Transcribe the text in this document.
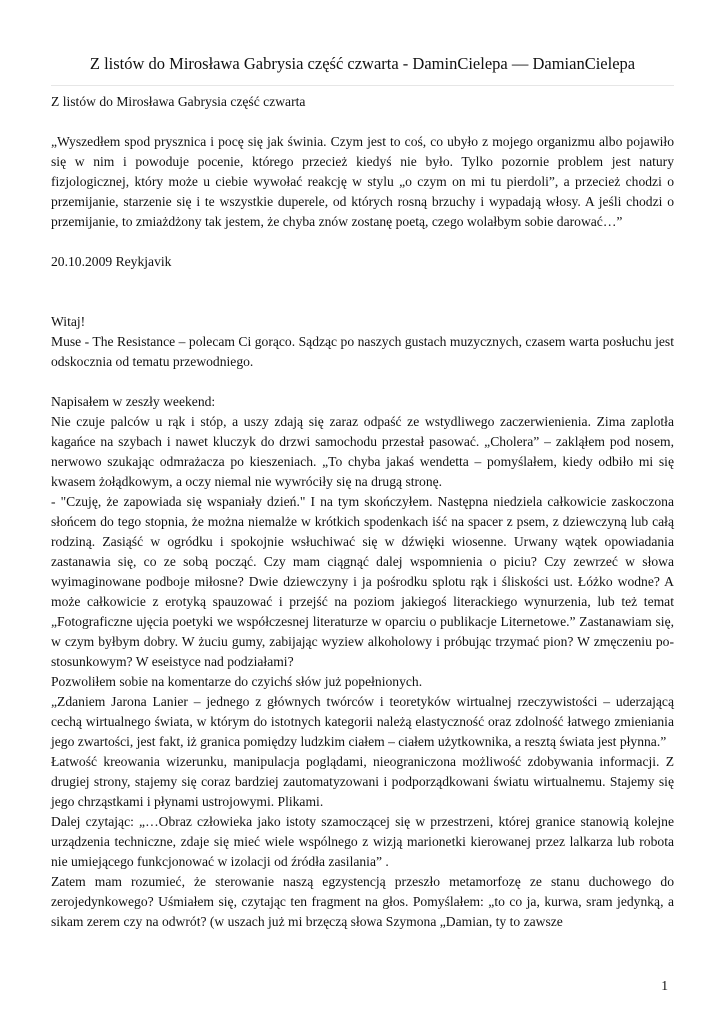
Z listów do Mirosława Gabrysia część czwarta - DaminCielepa — DamianCielepa

Z listów do Mirosława Gabrysia część czwarta

„Wyszedłem spod prysznica i pocę się jak świnia. Czym jest to coś, co ubyło z mojego organizmu albo pojawiło się w nim i powoduje pocenie, którego przecież kiedyś nie było. Tylko pozornie problem jest natury fizjologicznej, który może u ciebie wywołać reakcję w stylu „o czym on mi tu pierdoli”, a przecież chodzi o przemijanie, starzenie się i te wszystkie duperele, od których rosną brzuchy i wypadają włosy. A jeśli chodzi o przemijanie, to zmiażdżony tak jestem, że chyba znów zostanę poetą, czego wolałbym sobie darować…”

20.10.2009 Reykjavik

Witaj!

Muse - The Resistance – polecam Ci gorąco. Sądząc po naszych gustach muzycznych, czasem warta posłuchu jest odskocznia od tematu przewodniego.

Napisałem w zeszły weekend:

Nie czuje palców u rąk i stóp, a uszy zdają się zaraz odpaść ze wstydliwego zaczerwienienia. Zima zaplotła kagańce na szybach i nawet kluczyk do drzwi samochodu przestał pasować. „Cholera” – zakląłem pod nosem, nerwowo szukając odmrażacza po kieszeniach. „To chyba jakaś wendetta – pomyślałem, kiedy odbiło mi się kwasem żołądkowym, a oczy niemal nie wywróciły się na drugą stronę.

- "Czuję, że zapowiada się wspaniały dzień." I na tym skończyłem. Następna niedziela całkowicie zaskoczona słońcem do tego stopnia, że można niemalże w krótkich spodenkach iść na spacer z psem, z dziewczyną lub całą rodziną. Zasiąść w ogródku i spokojnie wsłuchiwać się w dźwięki wiosenne. Urwany wątek opowiadania zastanawia się, co ze sobą począć. Czy mam ciągnąć dalej wspomnienia o piciu? Czy zewrzeć w słowa wyimaginowane podboje miłosne? Dwie dziewczyny i ja pośrodku splotu rąk i śliskości ust. Łóżko wodne? A może całkowicie z erotyką spauzować i przejść na poziom jakiegoś literackiego wynurzenia, lub też temat „Fotograficzne ujęcia poetyki we współczesnej literaturze w oparciu o publikacje Liternetowe.” Zastanawiam się, w czym byłbym dobry. W żuciu gumy, zabijając wyziew alkoholowy i próbując trzymać pion? W zmęczeniu po-stosunkowym? W eseistyce nad podziałami?

Pozwoliłem sobie na komentarze do czyichś słów już popełnionych.

„Zdaniem Jarona Lanier – jednego z głównych twórców i teoretyków wirtualnej rzeczywistości – uderzającą cechą wirtualnego świata, w którym do istotnych kategorii należą elastyczność oraz zdolność łatwego zmieniania jego zwartości, jest fakt, iż granica pomiędzy ludzkim ciałem – ciałem użytkownika, a resztą świata jest płynna.”

Łatwość kreowania wizerunku, manipulacja poglądami, nieograniczona możliwość zdobywania informacji. Z drugiej strony, stajemy się coraz bardziej zautomatyzowani i podporządkowani światu wirtualnemu. Stajemy się jego chrząstkami i płynami ustrojowymi. Plikami.

Dalej czytając: „…Obraz człowieka jako istoty szamoczącej się w przestrzeni, której granice stanowią kolejne urządzenia techniczne, zdaje się mieć wiele wspólnego z wizją marionetki kierowanej przez lalkarza lub robota nie umiejącego funkcjonować w izolacji od źródła zasilania” .

Zatem mam rozumieć, że sterowanie naszą egzystencją przeszło metamorfozę ze stanu duchowego do zerojedynkowego? Uśmiałem się, czytając ten fragment na głos. Pomyślałem: „to co ja, kurwa, sram jedynką, a sikam zerem czy na odwrót? (w uszach już mi brzęczą słowa Szymona „Damian, ty to zawsze

1
